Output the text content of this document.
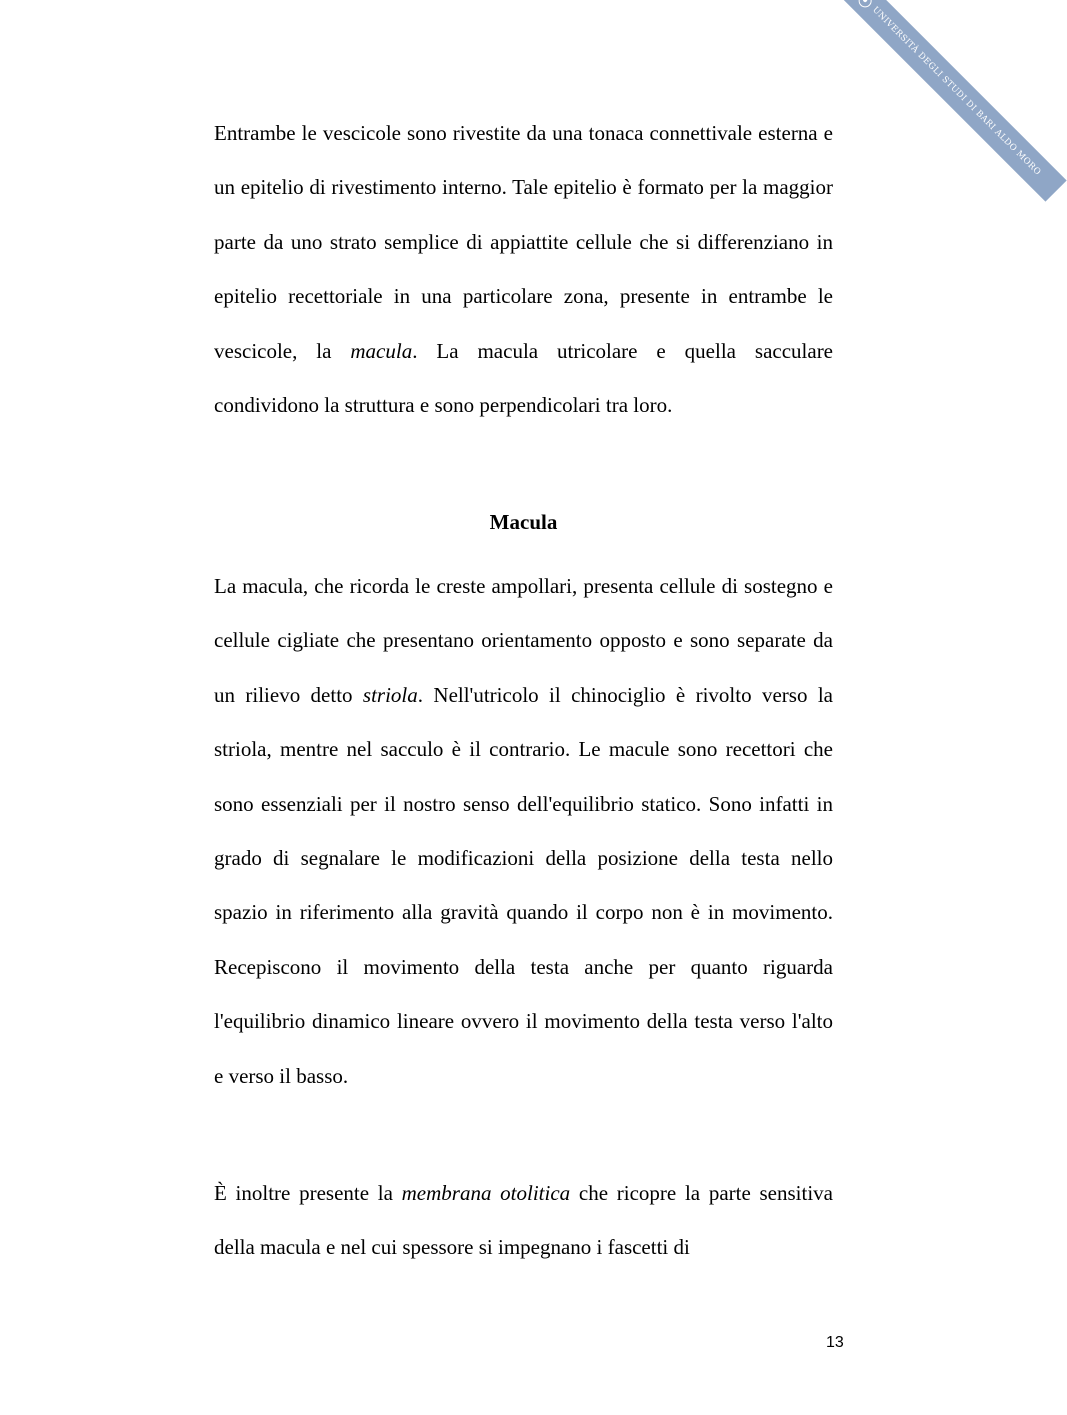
UNIVERSITÀ DEGLI STUDI DI BARI ALDO MORO

Entrambe le vescicole sono rivestite da una tonaca connettivale esterna e un epitelio di rivestimento interno. Tale epitelio è formato per la maggior parte da uno strato semplice di appiattite cellule che si differenziano in epitelio recettoriale in una particolare zona, presente in entrambe le vescicole, la macula. La macula utricolare e quella sacculare condividono la struttura e sono perpendicolari tra loro.

Macula

La macula, che ricorda le creste ampollari, presenta cellule di sostegno e cellule cigliate che presentano orientamento opposto e sono separate da un rilievo detto striola. Nell'utricolo il chinociglio è rivolto verso la striola, mentre nel sacculo è il contrario. Le macule sono recettori che sono essenziali per il nostro senso dell'equilibrio statico. Sono infatti in grado di segnalare le modificazioni della posizione della testa nello spazio in riferimento alla gravità quando il corpo non è in movimento. Recepiscono il movimento della testa anche per quanto riguarda l'equilibrio dinamico lineare ovvero il movimento della testa verso l'alto e verso il basso.

È inoltre presente la membrana otolitica che ricopre la parte sensitiva della macula e nel cui spessore si impegnano i fascetti di

13
